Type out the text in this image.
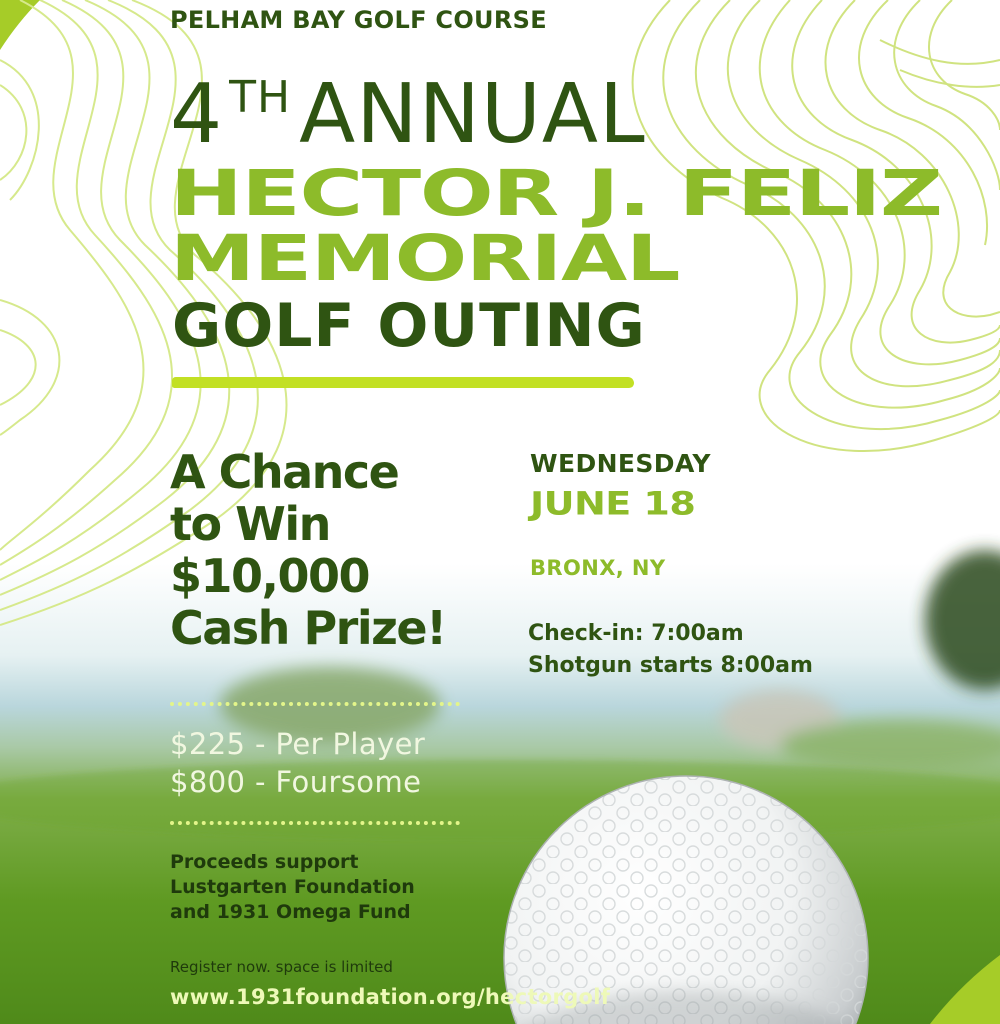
PELHAM BAY GOLF COURSE
4 $^{TH}$ANNUAL
HECTOR J. FELIZ
MEMORIAL
GOLF OUTING
A Chance
to Win
$10,000
Cash Prize!
WEDNESDAY
JUNE 18
BRONX, NY
Check-in: 7:00am
Shotgun starts 8:00am
$225 - Per Player
$800 - Foursome
Proceeds support
Lustgarten Foundation
and 1931 Omega Fund
Register now. space is limited
www.1931foundation.org/hectorgolf
